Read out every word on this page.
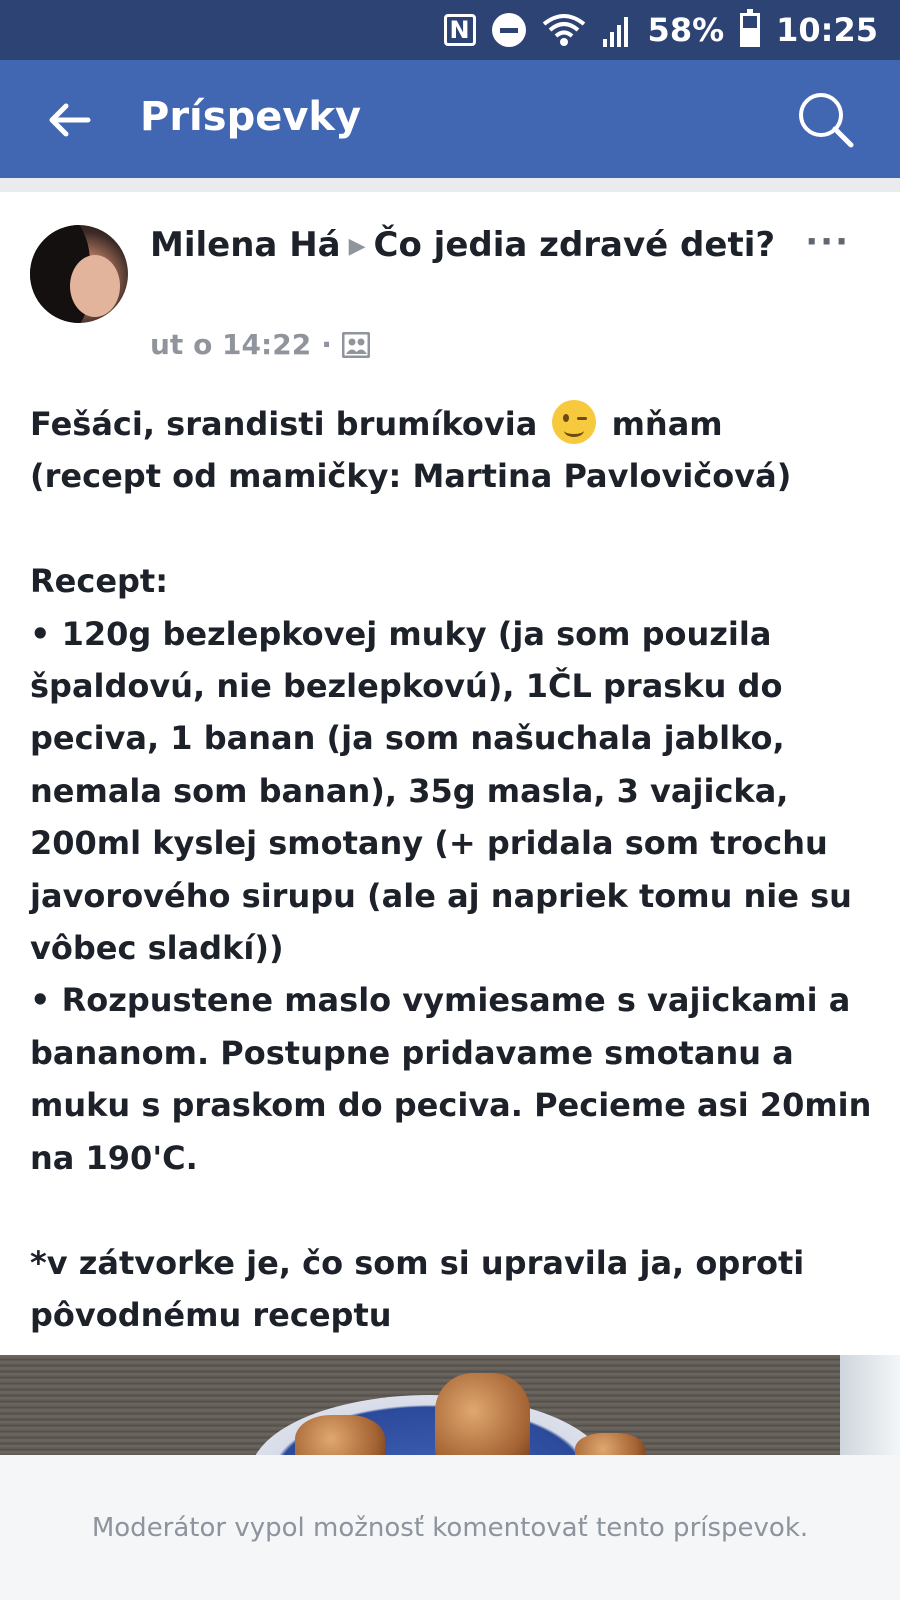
N	58% 10:25
Príspevky
Milena Há ▶ Čo jedia zdravé deti? ···
ut o 14:22 ·

Fešáci, srandisti brumíkovia mňam

(recept od mamičky: Martina Pavlovičová)

Recept:

• 120g bezlepkovej muky (ja som pouzila špaldovú, nie bezlepkovú), 1ČL prasku do peciva, 1 banan (ja som našuchala jablko, nemala som banan), 35g masla, 3 vajicka, 200ml kyslej smotany (+ pridala som trochu javorového sirupu (ale aj napriek tomu nie su vôbec sladkí))

• Rozpustene maslo vymiesame s vajickami a bananom. Postupne pridavame smotanu a muku s praskom do peciva. Pecieme asi 20min na 190'C.

*v zátvorke je, čo som si upravila ja, oproti pôvodnému receptu

Moderátor vypol možnosť komentovať tento príspevok.
